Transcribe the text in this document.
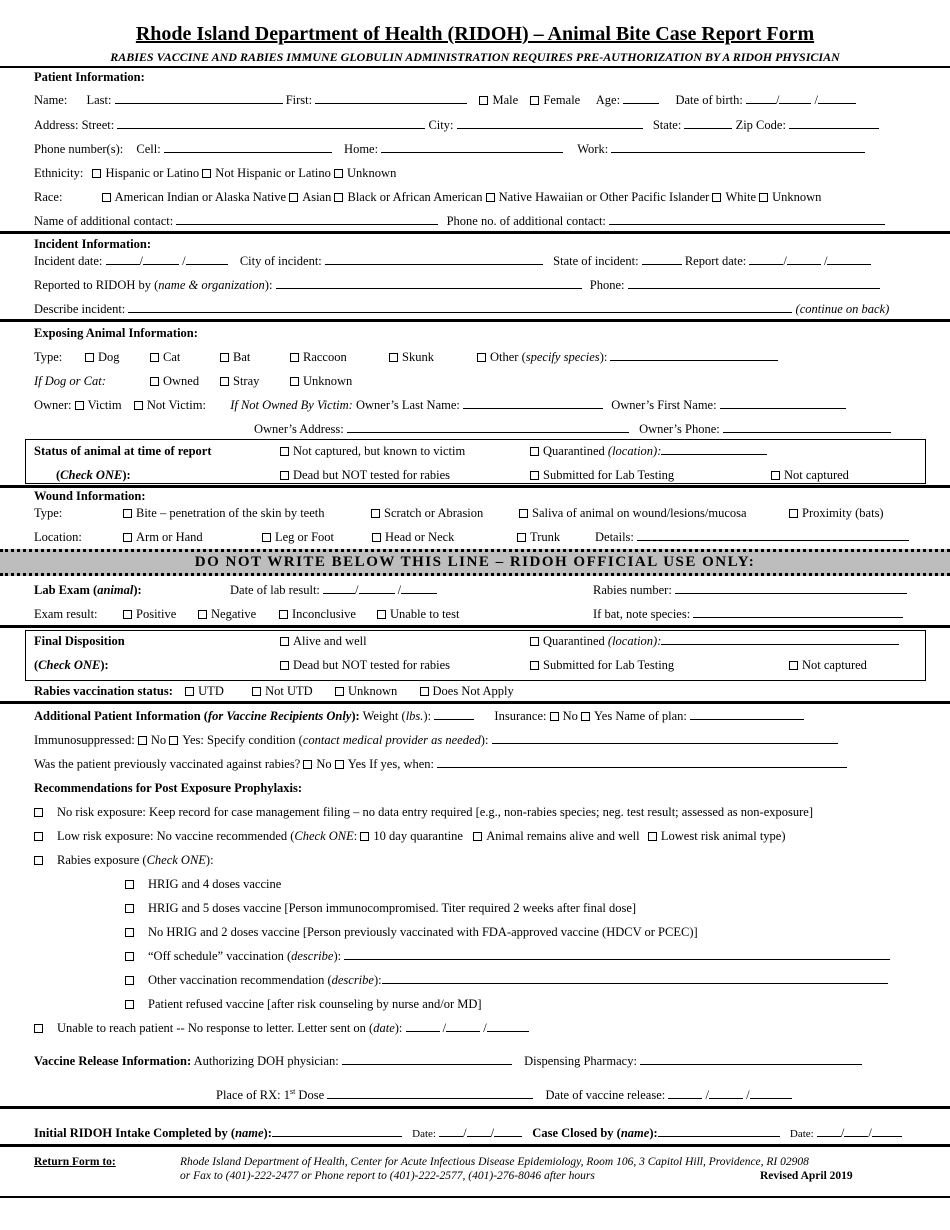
Rhode Island Department of Health (RIDOH) – Animal Bite Case Report Form
RABIES VACCINE AND RABIES IMMUNE GLOBULIN ADMINISTRATION REQUIRES PRE-AUTHORIZATION BY A RIDOH PHYSICIAN
Patient Information:
Name: Last:	First:	Male Female Age:	Date of birth:	/	/
Address: Street:	City:	State:	Zip Code:
Phone number(s): Cell:	Home:	Work:
Ethnicity: Hispanic or Latino Not Hispanic or Latino Unknown
Race:	American Indian or Alaska Native Asian Black or African American Native Hawaiian or Other Pacific Islander White Unknown
Name of additional contact:	Phone no. of additional contact:
Incident Information:
Incident date:	/	/	City of incident:	State of incident:	Report date:	/	/
Reported to RIDOH by (name & organization):	Phone:
Describe incident:	(continue on back)
Exposing Animal Information:
Type:	Dog	Cat	Bat	Raccoon	Skunk	Other (specify species):
If Dog or Cat:	Owned	Stray	Unknown
Owner: Victim Not Victim: If Not Owned By Victim: Owner’s Last Name:	Owner’s First Name:
Owner’s Address:	Owner’s Phone:
Status of animal at time of report
(Check ONE):
Not captured, but known to victim	Quarantined (location):
Dead but NOT tested for rabies	Submitted for Lab Testing	Not captured
Wound Information:
Type:	Bite – penetration of the skin by teeth	Scratch or Abrasion	Saliva of animal on wound/lesions/mucosa	Proximity (bats)
Location:	Arm or Hand	Leg or Foot	Head or Neck	Trunk	Details:
DO NOT WRITE BELOW THIS LINE – RIDOH OFFICIAL USE ONLY:
Lab Exam (animal):	Date of lab result:	/	/	Rabies number:
Exam result:	Positive	Negative	Inconclusive	Unable to test	If bat, note species:
Final Disposition
(Check ONE):
Alive and well	Quarantined (location):
Dead but NOT tested for rabies	Submitted for Lab Testing	Not captured
Rabies vaccination status: UTD	Not UTD	Unknown	Does Not Apply
Additional Patient Information (for Vaccine Recipients Only): Weight (lbs.):	Insurance: No Yes Name of plan:
Immunosuppressed: No Yes: Specify condition (contact medical provider as needed):
Was the patient previously vaccinated against rabies? No Yes If yes, when:
Recommendations for Post Exposure Prophylaxis:
No risk exposure: Keep record for case management filing – no data entry required [e.g., non-rabies species; neg. test result; assessed as non-exposure]
Low risk exposure: No vaccine recommended (Check ONE: 10 day quarantine Animal remains alive and well Lowest risk animal type)
Rabies exposure (Check ONE):
HRIG and 4 doses vaccine
HRIG and 5 doses vaccine [Person immunocompromised. Titer required 2 weeks after final dose]
No HRIG and 2 doses vaccine [Person previously vaccinated with FDA-approved vaccine (HDCV or PCEC)]
“Off schedule” vaccination (describe):
Other vaccination recommendation (describe):
Patient refused vaccine [after risk counseling by nurse and/or MD]
Unable to reach patient -- No response to letter. Letter sent on (date):	/	/
Vaccine Release Information: Authorizing DOH physician:	Dispensing Pharmacy:
Place of RX: 1st Dose	Date of vaccine release:	/	/
Initial RIDOH Intake Completed by (name):	Date: / /	Case Closed by (name):	Date: / /
Return Form to:	Rhode Island Department of Health, Center for Acute Infectious Disease Epidemiology, Room 106, 3 Capitol Hill, Providence, RI 02908
or Fax to (401)-222-2477 or Phone report to (401)-222-2577, (401)-276-8046 after hours	Revised April 2019
